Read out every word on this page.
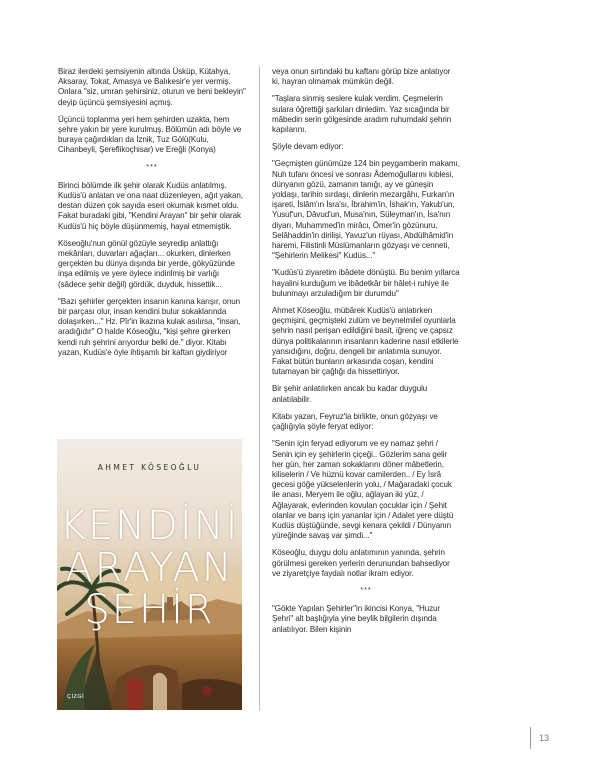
Biraz ilerdeki şemsiyenin altında Üsküp, Kütahya, Aksaray, Tokat, Amasya ve Balıkesir'e yer vermiş. Onlara "siz, umran şehirsiniz, oturun ve beni bekleyin" deyip üçüncü şemsiyesini açmış.

Üçüncü toplanma yeri hem şehirden uzakta, hem şehre yakın bir yere kurulmuş. Bölümün adı böyle ve buraya çağırdıkları da İznik, Tuz Gölü(Kulu, Cihanbeyli, Şereflikoçhisar) ve Ereğli (Konya)

***

Birinci bölümde ilk şehir olarak Kudüs anlatılmış. Kudüs'ü anlatan ve ona naat düzenleyen, ağıt yakan, destan düzen çok sayıda eseri okumak kısmet oldu. Fakat buradaki gibi, "Kendini Arayan" bir şehir olarak Kudüs'ü hiç böyle düşünmemiş, hayal etmemiştik.

Köseoğlu'nun gönül gözüyle seyredip anlattığı mekânları, duvarları ağaçları... okurken, dinlerken gerçekten bu dünya dışında bir yerde, gökyüzünde inşa edilmiş ve yere öylece indirilmiş bir varlığı (sâdece şehir değil) gördük, duyduk, hissettik...

"Bazı şehirler gerçekten insanın kanına karışır, onun bir parçası olur, insan kendini bulur sokaklarında dolaşırken..." Hz. Pîr'in ikazına kulak asılırsa, "insan, aradığıdır" O halde Köseoğlu, "kişi şehre girerken kendi ruh şehrini arıyordur belki de." diyor. Kitabı yazan, Kudüs'e öyle ihtişamlı bir kaftan giydiriyor

AHMET KÖSEOĞLU
KENDİNİ
ARAYAN
ŞEHİR
ÇİZGİ

veya onun sırtındaki bu kaftanı görüp bize anlatıyor ki, hayran olmamak mümkün değil.

"Taşlara sinmiş seslere kulak verdim. Çeşmelerin sulara öğrettiği şarkıları dinledim. Yaz sıcağında bir mâbedin serin gölgesinde aradım ruhumdaki şehrin kapılarını.

Şöyle devam ediyor:

"Geçmişten günümüze 124 bin peygamberin makamı, Nuh tufanı öncesi ve sonrası Âdemoğullarını kıblesi, dünyanın gözü, zamanın tanığı, ay ve güneşin yoldaşı, tarihin sırdaşı, dinlerin mezargâhı, Furkan'ın işareti, İslâm'ın İsra'sı, İbrahim'in, İshak'ın, Yakub'un, Yusuf'un, Dâvud'un, Musa'nın, Süleyman'ın, İsa'nın diyarı, Muhammed'in mirâcı, Ömer'in gözünuru, Selâhaddin'in dirilişi, Yavuz'un rüyası, Abdülhâmid'in haremi, Filistinli Müslümanların gözyaşı ve cenneti, "Şehirlerin Melikesi" Kudüs..."

"Kudüs'ü ziyaretim ibâdete dönüştü. Bu benim yıllarca hayalini kurduğum ve ibâdetkâr bir hâlet-i ruhiye ile bulunmayı arzuladığım bir durumdu"

Ahmet Köseoğlu, mübârek Kudüs'ü anlatırken geçmişini, geçmişteki zulüm ve beynelmilel oyunlarla şehrin nasıl perişan edildiğini basit, iğrenç ve çapsız dünya politikalarının insanların kaderine nasıl etkilerle yansıdığını, doğru, dengeli bir anlatımla sunuyor. Fakat bütün bunların arkasında coşan, kendini tutamayan bir çağlığı da hissettiriyor.

Bir şehir anlatılırken ancak bu kadar duygulu anlatılabilir.

Kitabı yazan, Feyruz'la birlikte, onun gözyaşı ve çağlığıyla şöyle feryat ediyor:

"Senin için feryad ediyorum ve ey namaz şehri / Senin için ey şehirlerin çiçeği.. Gözlerim sana gelir her gün, her zaman sokaklarını döner mâbetlerin, kiliselerin / Ve hüznü kovar camilerden.. / Ey İsrâ gecesi göğe yükselenlerin yolu, / Mağaradaki çocuk ile anası, Meryem ile oğlu, ağlayan iki yüz, / Ağlayarak, evlerinden kovulan çocuklar için / Şehit olanlar ve barış için yananlar için / Adalet yere düştü Kudüs düştüğünde, sevgi kenara çekildi / Dünyanın yüreğinde savaş var şimdi..."

Köseoğlu, duygu dolu anlatımının yanında, şehrin görülmesi gereken yerlerin derunundan bahsediyor ve ziyaretçiye faydalı notlar ikram ediyor.

***

"Gökte Yapılan Şehirler"in ikincisi Konya, "Huzur Şehri" alt başlığıyla yine beylik bilgilerin dışında anlatılıyor. Bilen kişinin

13
